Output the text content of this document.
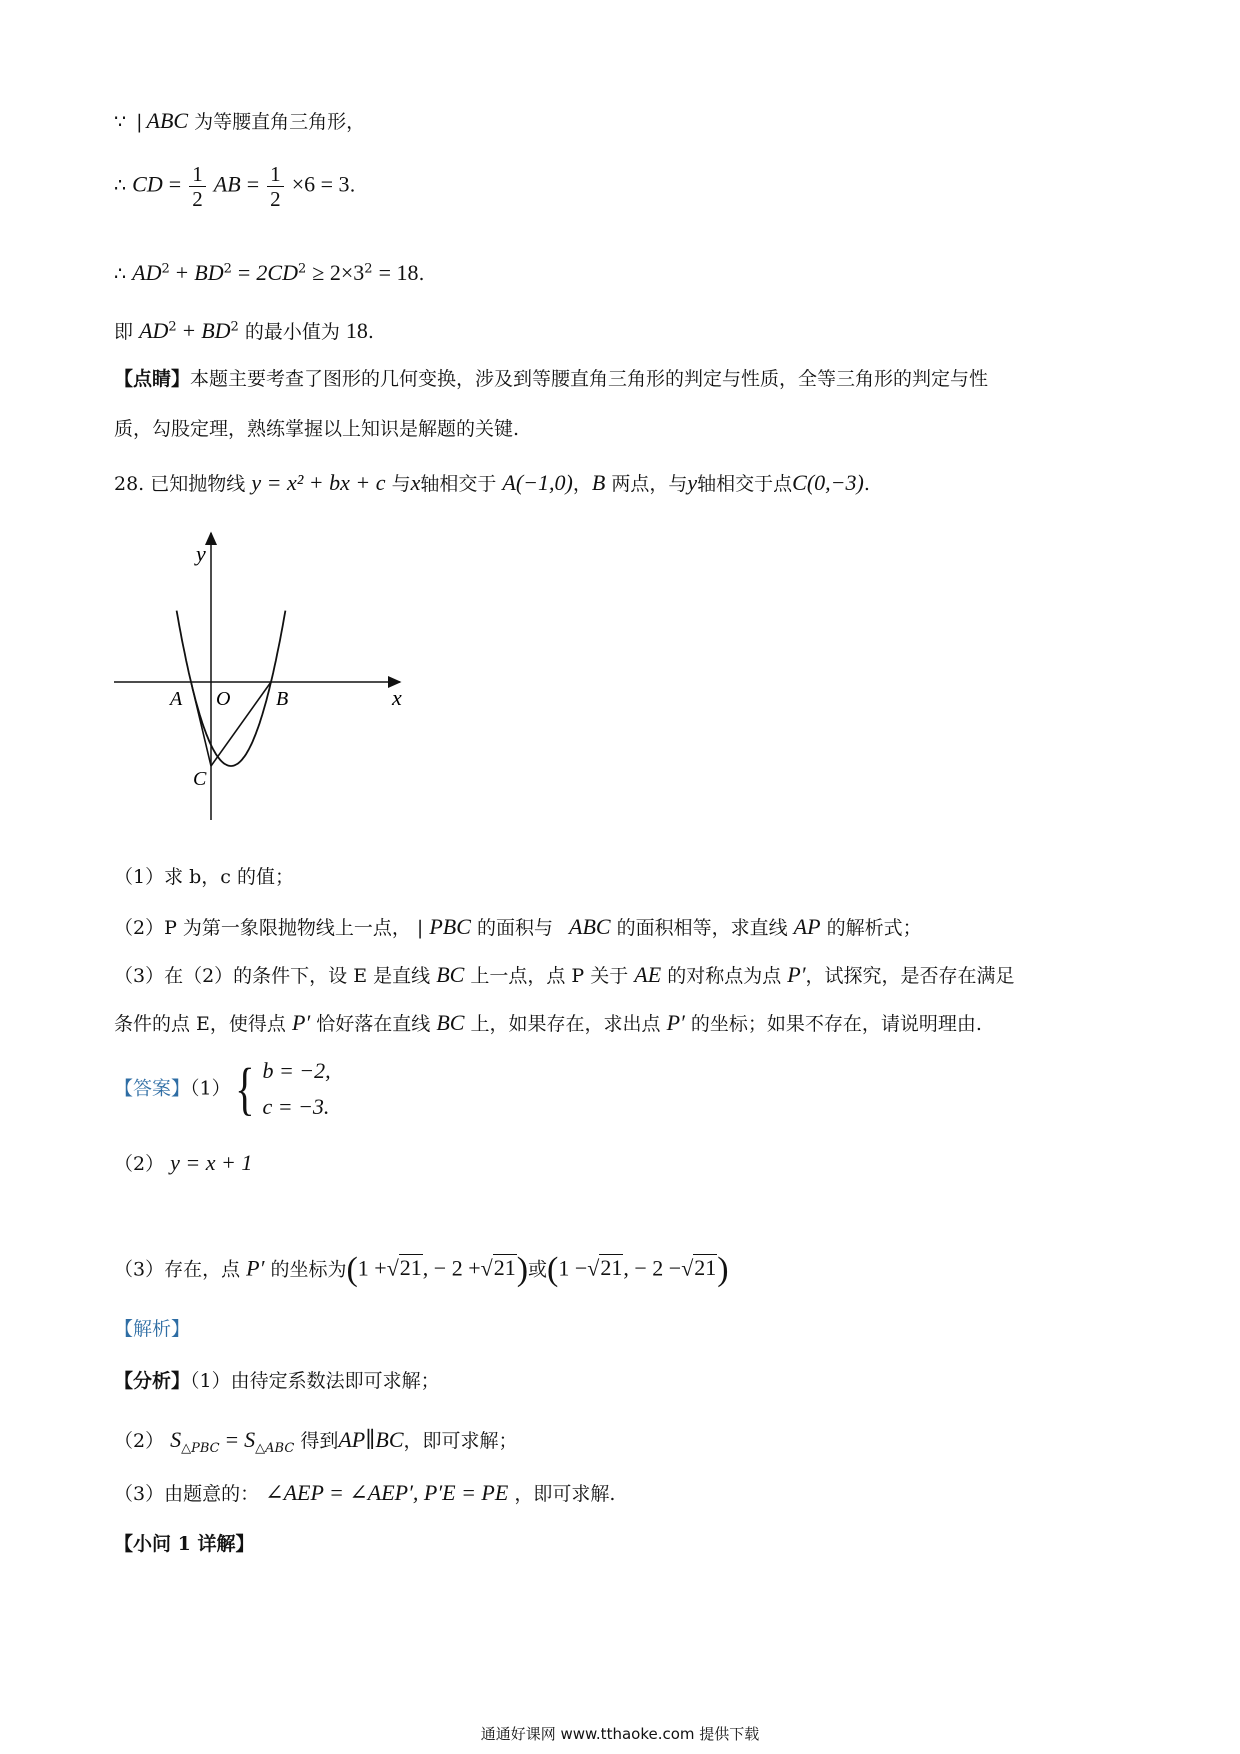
∵ | ABC 为等腰直角三角形，
∴ CD = $\frac{1}{2}$ AB = $\frac{1}{2} \times 6 = 3$.
∴ $AD^2 + BD^2 = 2CD^2 \ge 2\times 3^2 = 18$.
即 $AD^2 + BD^2$ 的最小值为 18.
【点睛】本题主要考查了图形的几何变换，涉及到等腰直角三角形的判定与性质，全等三角形的判定与性
质，勾股定理，熟练掌握以上知识是解题的关键.
28. 已知抛物线 y = x² + bx + c 与x轴相交于 A(−1,0)，B 两点，与y轴相交于点C(0,−3).
y
x
A O B
C
（1）求 b，c 的值；
（2）P 为第一象限抛物线上一点， | PBC 的面积与 ABC 的面积相等，求直线 AP 的解析式；
（3）在（2）的条件下，设 E 是直线 BC 上一点，点 P 关于 AE 的对称点为点 P′，试探究，是否存在满足
条件的点 E，使得点 P′ 恰好落在直线 BC 上，如果存在，求出点 P′ 的坐标；如果不存在，请说明理由.
【答案】（1）{ b = −2,
c = −3.
（2） y = x + 1
（3）存在，点 P′ 的坐标为(1 +√21, − 2 +√21)或(1 −√21, − 2 −√21)
【解析】
【分析】（1）由待定系数法即可求解；
（2） $S_{\triangle PBC} = S_{\triangle ABC}$ 得到AP∥BC，即可求解；
（3）由题意的： ∠AEP = ∠AEP′, P′E = PE ，即可求解.
【小问 1 详解】
通通好课网 www.tthaoke.com 提供下载
